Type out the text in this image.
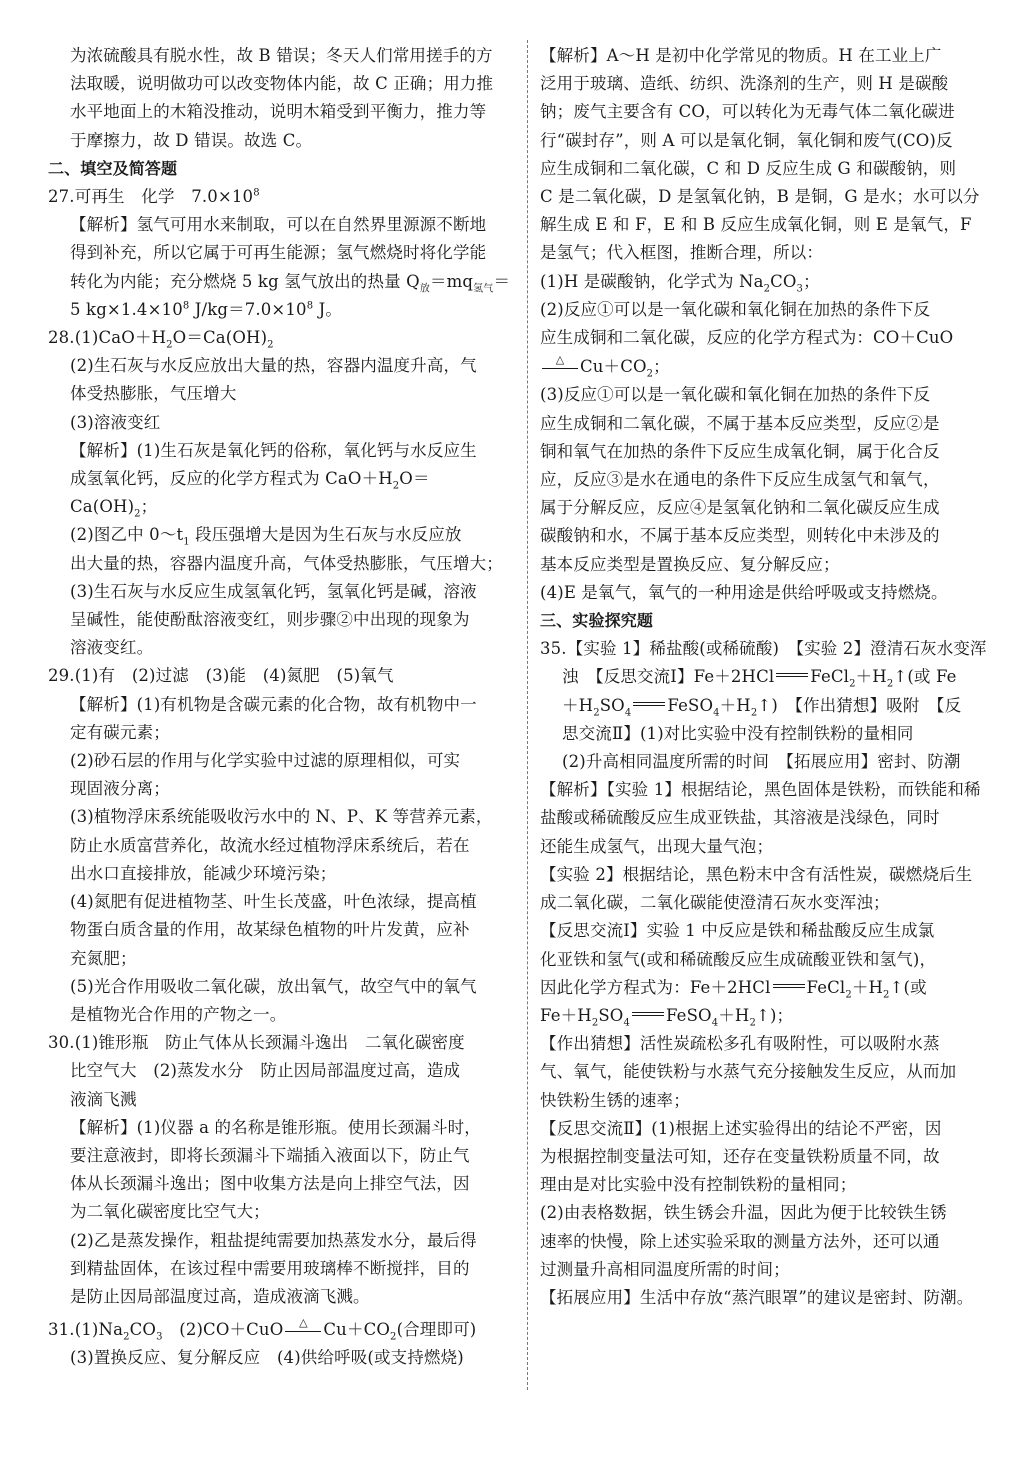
为浓硫酸具有脱水性，故 B 错误；冬天人们常用搓手的方

法取暖，说明做功可以改变物体内能，故 C 正确；用力推

水平地面上的木箱没推动，说明木箱受到平衡力，推力等

于摩擦力，故 D 错误。故选 C。

二、填空及简答题

27.可再生　化学　$7.0\times 10^8$

【解析】氢气可用水来制取，可以在自然界里源源不断地

得到补充，所以它属于可再生能源；氢气燃烧时将化学能

转化为内能；充分燃烧 5 kg 氢气放出的热量 $Q_放=mq_{氢气}=$

5 $kg\times 1.4\times 10^8$ $J/kg=7.0\times 10^8$ J。

$28.(1)CaO+H_2O=Ca(OH)_2$

(2)生石灰与水反应放出大量的热，容器内温度升高，气

体受热膨胀，气压增大

(3)溶液变红

【解析】(1)生石灰是氧化钙的俗称，氧化钙与水反应生

成氢氧化钙，反应的化学方程式为 $CaO+H_2O=Ca(OH)_2$；

(2)图乙中 $0\sim t_1$ 段压强增大是因为生石灰与水反应放

出大量的热，容器内温度升高，气体受热膨胀，气压增大；

(3)生石灰与水反应生成氢氧化钙，氢氧化钙是碱，溶液

呈碱性，能使酚酞溶液变红，则步骤②中出现的现象为

溶液变红。

29.(1)有　(2)过滤　(3)能　(4)氮肥　(5)氧气

【解析】(1)有机物是含碳元素的化合物，故有机物中一

定有碳元素；

(2)砂石层的作用与化学实验中过滤的原理相似，可实

现固液分离；

(3)植物浮床系统能吸收污水中的 N、P、K 等营养元素，

防止水质富营养化，故流水经过植物浮床系统后，若在

出水口直接排放，能减少环境污染；

(4)氮肥有促进植物茎、叶生长茂盛，叶色浓绿，提高植

物蛋白质含量的作用，故某绿色植物的叶片发黄，应补

充氮肥；

(5)光合作用吸收二氧化碳，放出氧气，故空气中的氧气

是植物光合作用的产物之一。

30.(1)锥形瓶　防止气体从长颈漏斗逸出　二氧化碳密度

比空气大　(2)蒸发水分　防止因局部温度过高，造成

液滴飞溅

【解析】(1)仪器 a 的名称是锥形瓶。使用长颈漏斗时，

要注意液封，即将长颈漏斗下端插入液面以下，防止气

体从长颈漏斗逸出；图中收集方法是向上排空气法，因

为二氧化碳密度比空气大；

(2)乙是蒸发操作，粗盐提纯需要加热蒸发水分，最后得

到精盐固体，在该过程中需要用玻璃棒不断搅拌，目的

是防止因局部温度过高，造成液滴飞溅。

$31.(1)Na_2CO_3$　(2)CO＋CuO	△ $Cu+CO_2$(合理即可)

(3)置换反应、复分解反应　(4)供给呼吸(或支持燃烧)

【解析】A～H 是初中化学常见的物质。H 在工业上广

泛用于玻璃、造纸、纺织、洗涤剂的生产，则 H 是碳酸

钠；废气主要含有 CO，可以转化为无毒气体二氧化碳进

行“碳封存”，则 A 可以是氧化铜，氧化铜和废气(CO)反

应生成铜和二氧化碳，C 和 D 反应生成 G 和碳酸钠，则

C 是二氧化碳，D 是氢氧化钠，B 是铜，G 是水；水可以分

解生成 E 和 F，E 和 B 反应生成氧化铜，则 E 是氧气，F

是氢气；代入框图，推断合理，所以：

(1)H 是碳酸钠，化学式为 $Na_2CO_3$；

(2)反应①可以是一氧化碳和氧化铜在加热的条件下反

应生成铜和二氧化碳，反应的化学方程式为：CO＋CuO

△ $Cu+CO_2$；

(3)反应①可以是一氧化碳和氧化铜在加热的条件下反

应生成铜和二氧化碳，不属于基本反应类型，反应②是

铜和氧气在加热的条件下反应生成氧化铜，属于化合反

应，反应③是水在通电的条件下反应生成氢气和氧气，

属于分解反应，反应④是氢氧化钠和二氧化碳反应生成

碳酸钠和水，不属于基本反应类型，则转化中未涉及的

基本反应类型是置换反应、复分解反应；

(4)E 是氧气，氧气的一种用途是供给呼吸或支持燃烧。

三、实验探究题

35.【实验 1】稀盐酸(或稀硫酸)　【实验 2】澄清石灰水变浑

浊　【反思交流Ⅰ】Fe＋2HCl $FeCl_2+H_2↑$(或 Fe

$+H_2SO_4$ $FeSO_4+H_2↑$)　【作出猜想】吸附　【反

思交流Ⅱ】(1)对比实验中没有控制铁粉的量相同

(2)升高相同温度所需的时间　【拓展应用】密封、防潮

【解析】【实验 1】根据结论，黑色固体是铁粉，而铁能和稀

盐酸或稀硫酸反应生成亚铁盐，其溶液是浅绿色，同时

还能生成氢气，出现大量气泡；

【实验 2】根据结论，黑色粉末中含有活性炭，碳燃烧后生

成二氧化碳，二氧化碳能使澄清石灰水变浑浊；

【反思交流Ⅰ】实验 1 中反应是铁和稀盐酸反应生成氯

化亚铁和氢气(或和稀硫酸反应生成硫酸亚铁和氢气)，

因此化学方程式为：Fe＋2HCl $FeCl_2+H_2↑$(或

$Fe+H_2SO_4$ $FeSO_4+H_2↑$)；

【作出猜想】活性炭疏松多孔有吸附性，可以吸附水蒸

气、氧气，能使铁粉与水蒸气充分接触发生反应，从而加

快铁粉生锈的速率；

【反思交流Ⅱ】(1)根据上述实验得出的结论不严密，因

为根据控制变量法可知，还存在变量铁粉质量不同，故

理由是对比实验中没有控制铁粉的量相同；

(2)由表格数据，铁生锈会升温，因此为便于比较铁生锈

速率的快慢，除上述实验采取的测量方法外，还可以通

过测量升高相同温度所需的时间；

【拓展应用】生活中存放“蒸汽眼罩”的建议是密封、防潮。
